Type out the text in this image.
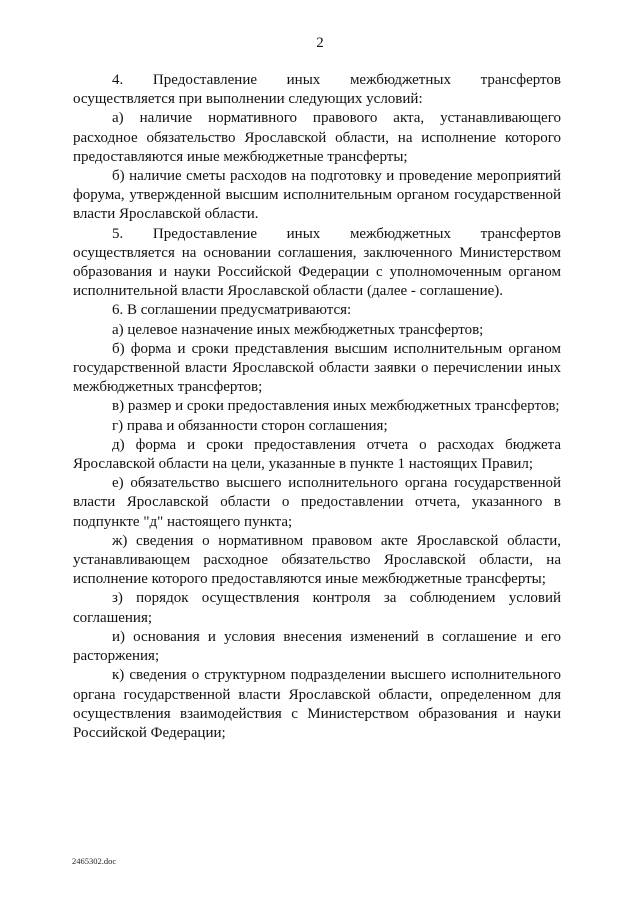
2

4. Предоставление иных межбюджетных трансфертов осуществляется при выполнении следующих условий:

а) наличие нормативного правового акта, устанавливающего расходное обязательство Ярославской области, на исполнение которого предоставляются иные межбюджетные трансферты;

б) наличие сметы расходов на подготовку и проведение мероприятий форума, утвержденной высшим исполнительным органом государственной власти Ярославской области.

5. Предоставление иных межбюджетных трансфертов осуществляется на основании соглашения, заключенного Министерством образования и науки Российской Федерации с уполномоченным органом исполнительной власти Ярославской области (далее - соглашение).

6. В соглашении предусматриваются:

а) целевое назначение иных межбюджетных трансфертов;

б) форма и сроки представления высшим исполнительным органом государственной власти Ярославской области заявки о перечислении иных межбюджетных трансфертов;

в) размер и сроки предоставления иных межбюджетных трансфертов;

г) права и обязанности сторон соглашения;

д) форма и сроки предоставления отчета о расходах бюджета Ярославской области на цели, указанные в пункте 1 настоящих Правил;

е) обязательство высшего исполнительного органа государственной власти Ярославской области о предоставлении отчета, указанного в подпункте "д" настоящего пункта;

ж) сведения о нормативном правовом акте Ярославской области, устанавливающем расходное обязательство Ярославской области, на исполнение которого предоставляются иные межбюджетные трансферты;

з) порядок осуществления контроля за соблюдением условий соглашения;

и) основания и условия внесения изменений в соглашение и его расторжения;

к) сведения о структурном подразделении высшего исполнительного органа государственной власти Ярославской области, определенном для осуществления взаимодействия с Министерством образования и науки Российской Федерации;

2465302.doc
